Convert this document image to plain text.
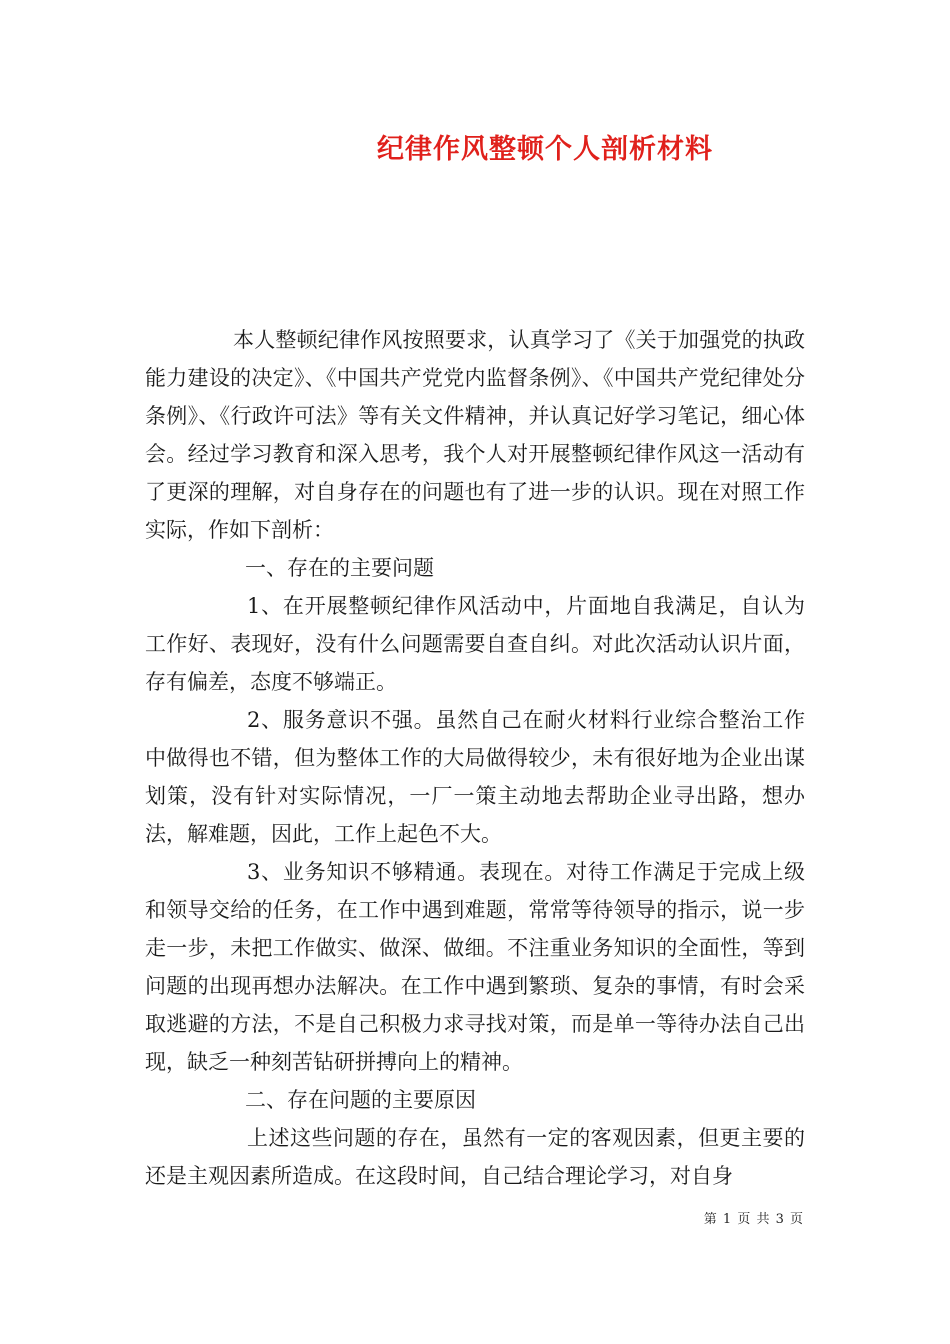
纪律作风整顿个人剖析材料

本人整顿纪律作风按照要求，认真学习了《关于加强党的执政能力建设的决定》、《中国共产党党内监督条例》、《中国共产党纪律处分条例》、《行政许可法》等有关文件精神，并认真记好学习笔记，细心体会。经过学习教育和深入思考，我个人对开展整顿纪律作风这一活动有了更深的理解，对自身存在的问题也有了进一步的认识。现在对照工作实际，作如下剖析：

一、存在的主要问题

1、在开展整顿纪律作风活动中，片面地自我满足，自认为工作好、表现好，没有什么问题需要自查自纠。对此次活动认识片面，存有偏差，态度不够端正。

2、服务意识不强。虽然自己在耐火材料行业综合整治工作中做得也不错，但为整体工作的大局做得较少，未有很好地为企业出谋划策，没有针对实际情况，一厂一策主动地去帮助企业寻出路，想办法，解难题，因此，工作上起色不大。

3、业务知识不够精通。表现在。对待工作满足于完成上级和领导交给的任务，在工作中遇到难题，常常等待领导的指示，说一步走一步，未把工作做实、做深、做细。不注重业务知识的全面性，等到问题的出现再想办法解决。在工作中遇到繁琐、复杂的事情，有时会采取逃避的方法，不是自己积极力求寻找对策，而是单一等待办法自己出现，缺乏一种刻苦钻研拼搏向上的精神。

二、存在问题的主要原因

上述这些问题的存在，虽然有一定的客观因素，但更主要的还是主观因素所造成。在这段时间，自己结合理论学习，对自身

第 1 页 共 3 页
